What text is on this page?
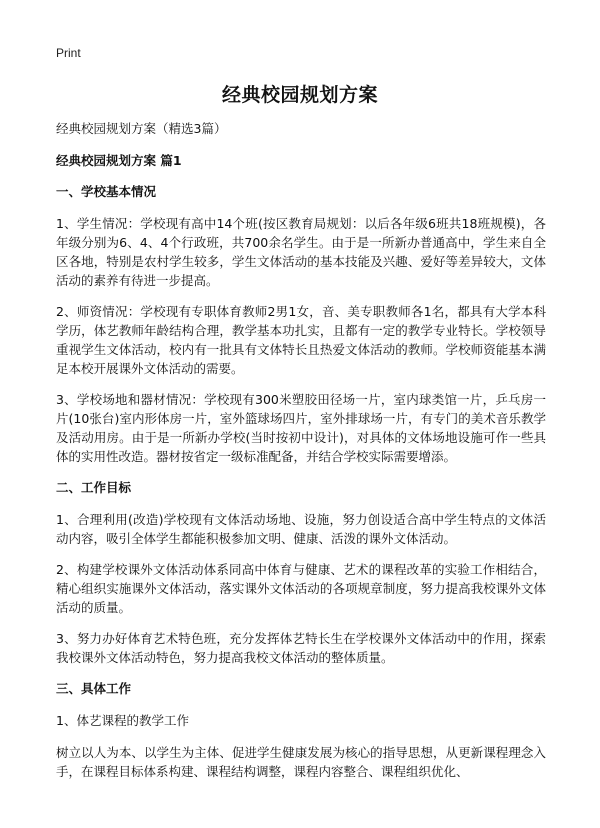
Print
经典校园规划方案

经典校园规划方案（精选3篇）

经典校园规划方案 篇1

一、学校基本情况

1、学生情况：学校现有高中14个班(按区教育局规划：以后各年级6班共18班规模)，各年级分别为6、4、4个行政班，共700余名学生。由于是一所新办普通高中，学生来自全区各地，特别是农村学生较多，学生文体活动的基本技能及兴趣、爱好等差异较大，文体活动的素养有待进一步提高。

2、师资情况：学校现有专职体育教师2男1女，音、美专职教师各1名，都具有大学本科学历，体艺教师年龄结构合理，教学基本功扎实，且都有一定的教学专业特长。学校领导重视学生文体活动，校内有一批具有文体特长且热爱文体活动的教师。学校师资能基本满足本校开展课外文体活动的需要。

3、学校场地和器材情况：学校现有300米塑胶田径场一片，室内球类馆一片，乒乓房一片(10张台)室内形体房一片，室外篮球场四片，室外排球场一片，有专门的美术音乐教学及活动用房。由于是一所新办学校(当时按初中设计)，对具体的文体场地设施可作一些具体的实用性改造。器材按省定一级标准配备，并结合学校实际需要增添。

二、工作目标

1、合理利用(改造)学校现有文体活动场地、设施，努力创设适合高中学生特点的文体活动内容，吸引全体学生都能积极参加文明、健康、活泼的课外文体活动。

2、构建学校课外文体活动体系同高中体育与健康、艺术的课程改革的实验工作相结合，精心组织实施课外文体活动，落实课外文体活动的各项规章制度，努力提高我校课外文体活动的质量。

3、努力办好体育艺术特色班，充分发挥体艺特长生在学校课外文体活动中的作用，探索我校课外文体活动特色，努力提高我校文体活动的整体质量。

三、具体工作

1、体艺课程的教学工作

树立以人为本、以学生为主体、促进学生健康发展为核心的指导思想，从更新课程理念入手，在课程目标体系构建、课程结构调整，课程内容整合、课程组织优化、
